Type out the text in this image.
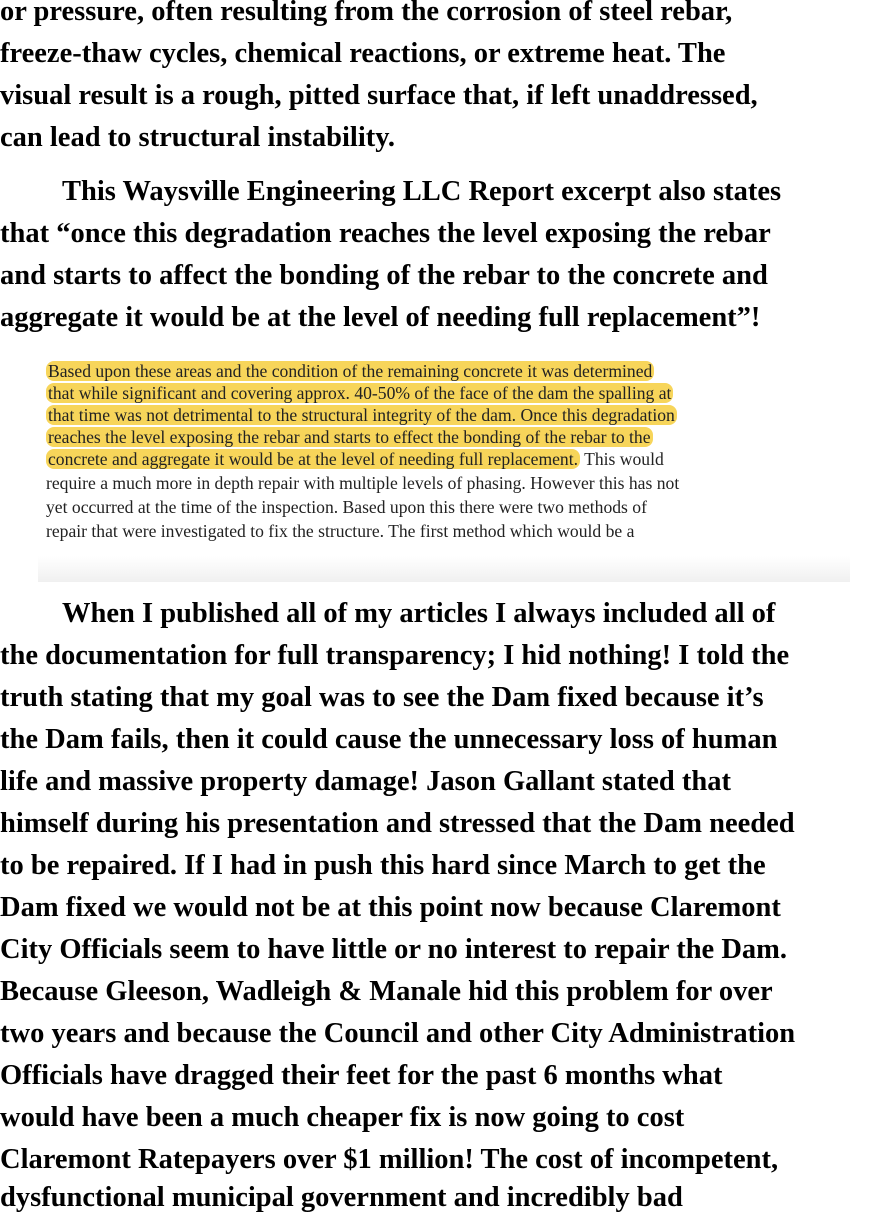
or pressure, often resulting from the corrosion of steel rebar,
freeze-thaw cycles, chemical reactions, or extreme heat. The
visual result is a rough, pitted surface that, if left unaddressed,
can lead to structural instability.
This Waysville Engineering LLC Report excerpt also states
that “once this degradation reaches the level exposing the rebar
and starts to affect the bonding of the rebar to the concrete and
aggregate it would be at the level of needing full replacement”!
Based upon these areas and the condition of the remaining concrete it was determined
that while significant and covering approx. 40-50% of the face of the dam the spalling at
that time was not detrimental to the structural integrity of the dam. Once this degradation
reaches the level exposing the rebar and starts to effect the bonding of the rebar to the
concrete and aggregate it would be at the level of needing full replacement. This would
require a much more in depth repair with multiple levels of phasing. However this has not
yet occurred at the time of the inspection. Based upon this there were two methods of
repair that were investigated to fix the structure. The first method which would be a
When I published all of my articles I always included all of
the documentation for full transparency; I hid nothing! I told the
truth stating that my goal was to see the Dam fixed because it’s
the Dam fails, then it could cause the unnecessary loss of human
life and massive property damage! Jason Gallant stated that
himself during his presentation and stressed that the Dam needed
to be repaired. If I had in push this hard since March to get the
Dam fixed we would not be at this point now because Claremont
City Officials seem to have little or no interest to repair the Dam.
Because Gleeson, Wadleigh & Manale hid this problem for over
two years and because the Council and other City Administration
Officials have dragged their feet for the past 6 months what
would have been a much cheaper fix is now going to cost
Claremont Ratepayers over $1 million! The cost of incompetent,
dysfunctional municipal government and incredibly bad
